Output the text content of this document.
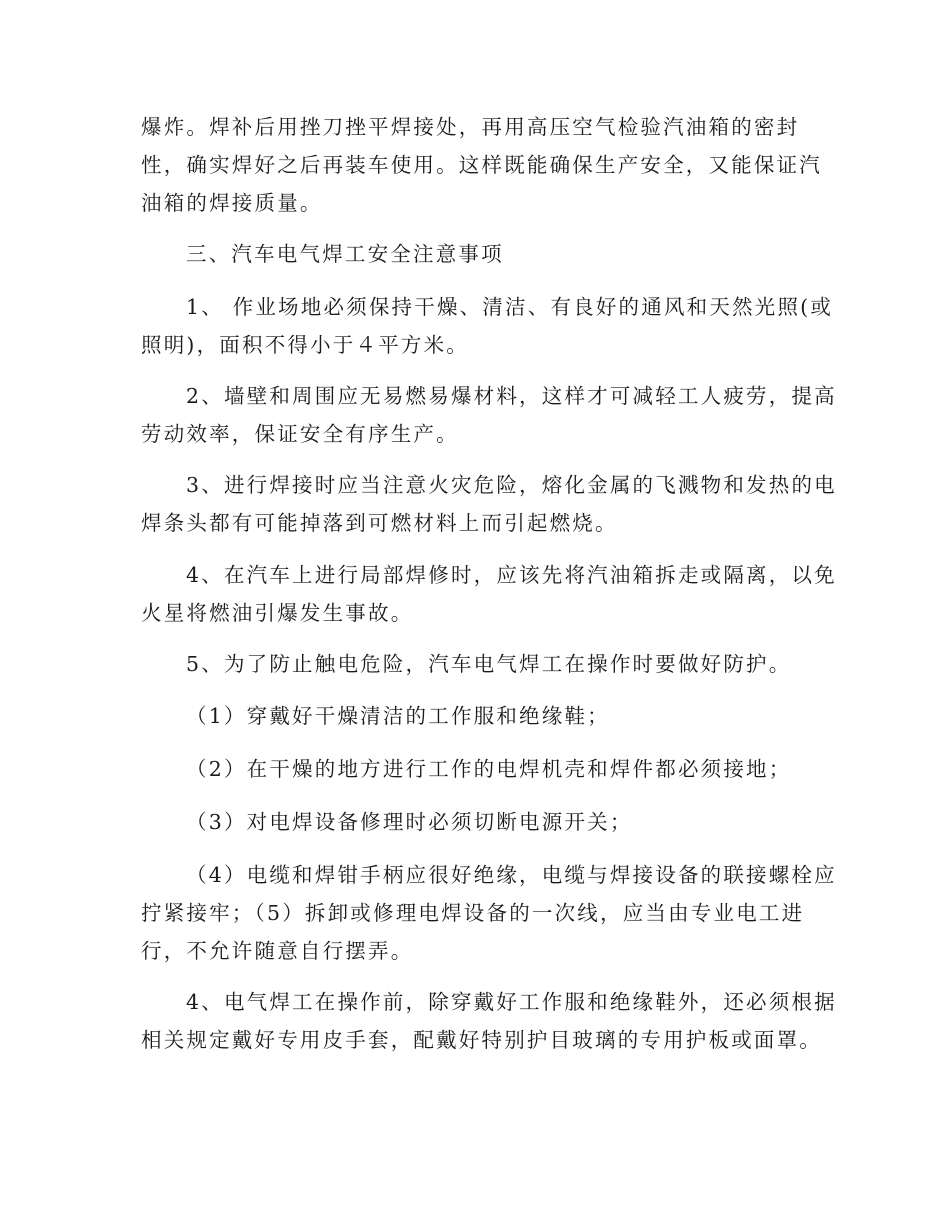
爆炸。焊补后用挫刀挫平焊接处，再用高压空气检验汽油箱的密封
性，确实焊好之后再装车使用。这样既能确保生产安全，又能保证汽
油箱的焊接质量。

三、汽车电气焊工安全注意事项

1、 作业场地必须保持干燥、清洁、有良好的通风和天然光照(或
照明)，面积不得小于４平方米。

2、墙壁和周围应无易燃易爆材料，这样才可减轻工人疲劳，提高
劳动效率，保证安全有序生产。

3、进行焊接时应当注意火灾危险，熔化金属的飞溅物和发热的电
焊条头都有可能掉落到可燃材料上而引起燃烧。

4、在汽车上进行局部焊修时，应该先将汽油箱拆走或隔离，以免
火星将燃油引爆发生事故。

5、为了防止触电危险，汽车电气焊工在操作时要做好防护。

（1）穿戴好干燥清洁的工作服和绝缘鞋；

（2）在干燥的地方进行工作的电焊机壳和焊件都必须接地；

（3）对电焊设备修理时必须切断电源开关；

（4）电缆和焊钳手柄应很好绝缘，电缆与焊接设备的联接螺栓应
拧紧接牢；（5）拆卸或修理电焊设备的一次线，应当由专业电工进
行，不允许随意自行摆弄。

4、电气焊工在操作前，除穿戴好工作服和绝缘鞋外，还必须根据
相关规定戴好专用皮手套，配戴好特别护目玻璃的专用护板或面罩。
